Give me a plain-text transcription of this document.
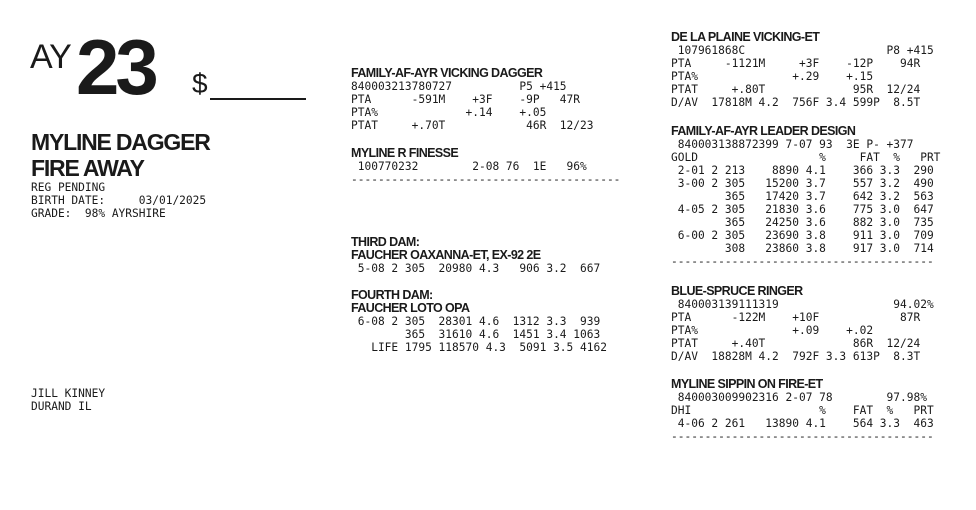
AY 23 $
MYLINE DAGGER
FIRE AWAY
REG PENDING
BIRTH DATE:     03/01/2025
GRADE:  98% AYRSHIRE
JILL KINNEY
DURAND IL
FAMILY-AF-AYR VICKING DAGGER
840003213780727          P5 +415
PTA      -591M    +3F    -9P   47R
PTA%             +.14    +.05
PTAT     +.70T            46R  12/23
MYLINE R FINESSE
100770232        2-08 76  1E   96%
----------------------------------------
THIRD DAM:
FAUCHER OAXANNA-ET, EX-92 2E
5-08 2 305  20980 4.3   906 3.2  667
FOURTH DAM:
FAUCHER LOTO OPA
6-08 2 305  28301 4.6  1312 3.3  939
365  31610 4.6  1451 3.4 1063
LIFE 1795 118570 4.3  5091 3.5 4162
DE LA PLAINE VICKING-ET
107961868C                     P8 +415
PTA     -1121M     +3F    -12P    94R
PTA%              +.29    +.15
PTAT     +.80T             95R  12/24
D/AV  17818M 4.2  756F 3.4 599P  8.5T
FAMILY-AF-AYR LEADER DESIGN
840003138872399 7-07 93  3E P- +377
GOLD                  %     FAT  %   PRT
2-01 2 213    8890 4.1    366 3.3  290
3-00 2 305   15200 3.7    557 3.2  490
365   17420 3.7    642 3.2  563
4-05 2 305   21830 3.6    775 3.0  647
365   24250 3.6    882 3.0  735
6-00 2 305   23690 3.8    911 3.0  709
308   23860 3.8    917 3.0  714
---------------------------------------
BLUE-SPRUCE RINGER
840003139111319                 94.02%
PTA      -122M    +10F            87R
PTA%              +.09    +.02
PTAT     +.40T             86R  12/24
D/AV  18828M 4.2  792F 3.3 613P  8.3T
MYLINE SIPPIN ON FIRE-ET
840003009902316 2-07 78        97.98%
DHI                   %    FAT  %   PRT
4-06 2 261   13890 4.1    564 3.3  463
---------------------------------------
